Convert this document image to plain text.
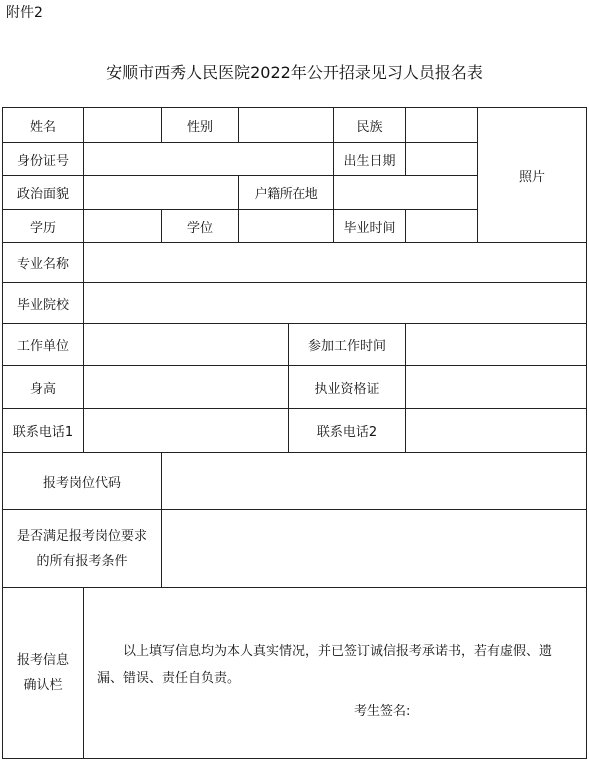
附件2
安顺市西秀人民医院2022年公开招录见习人员报名表
姓名	性别	民族
照片
身份证号	出生日期
政治面貌	户籍所在地
学历	学位	毕业时间
专业名称
毕业院校
工作单位	参加工作时间
身高	执业资格证
联系电话1	联系电话2
报考岗位代码
是否满足报考岗位要求
的所有报考条件
报考信息
确认栏
以上填写信息均为本人真实情况，并已签订诚信报考承诺书，若有虚假、遗漏、错误、责任自负责。
考生签名:
